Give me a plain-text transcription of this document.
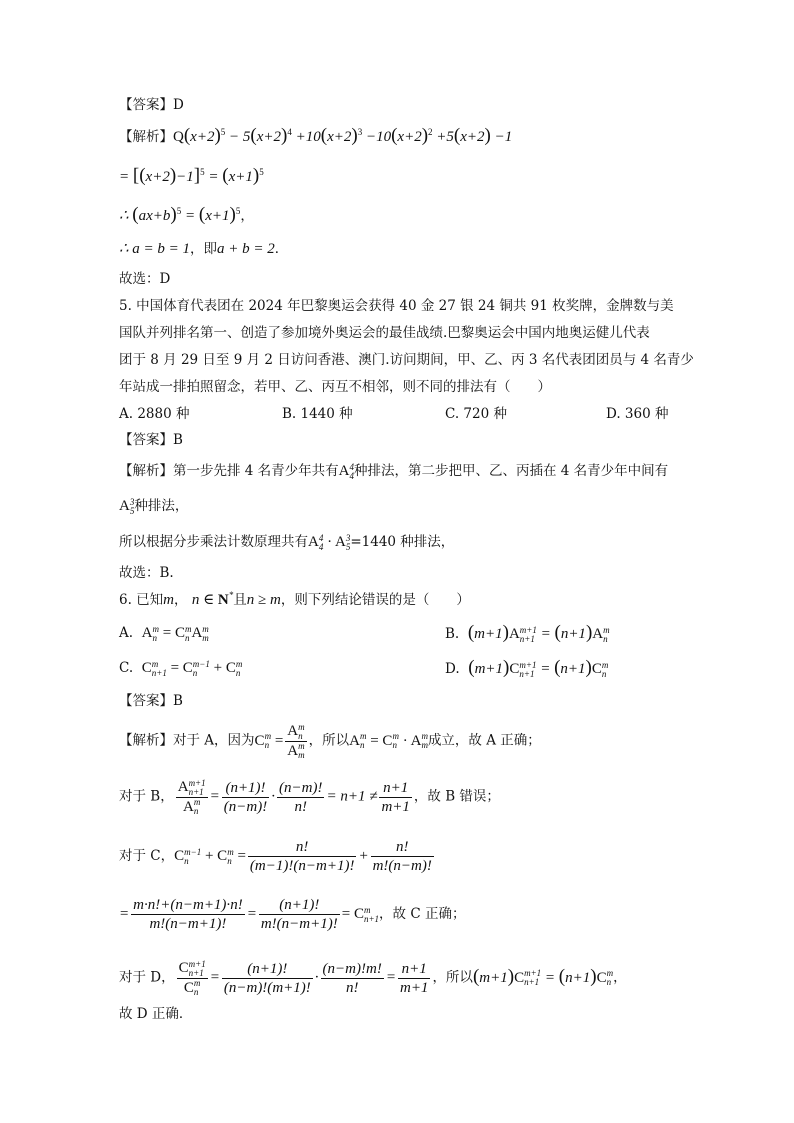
【答案】D
【解析】$Q(x+2)^5 - 5(x+2)^4 +10(x+2)^3 -10(x+2)^2 +5(x+2) -1$
= $[(x+2)-1]^5 = (x+1)^5$
∴ $(ax+b)^5 = (x+1)^5$，
∴ a = b = 1，即a + b = 2．
故选：D
5. 中国体育代表团在 2024 年巴黎奥运会获得 40 金 27 银 24 铜共 91 枚奖牌，金牌数与美
国队并列排名第一、创造了参加境外奥运会的最佳战绩.巴黎奥运会中国内地奥运健儿代表
团于 8 月 29 日至 9 月 2 日访问香港、澳门.访问期间，甲、乙、丙 3 名代表团团员与 4 名青少
年站成一排拍照留念，若甲、乙、丙互不相邻，则不同的排法有（　　）
A. 2880 种	B. 1440 种	C. 720 种	D. 360 种
【答案】B
【解析】第一步先排 4 名青少年共有A 4
4 种排法，第二步把甲、乙、丙插在 4 名青少年中间有
A 3
5 种排法，
所以根据分步乘法计数原理共有A 4
4 · A 3
5 =1440 种排法，
故选：B.
6. 已知m， n ∈ N*且n ≥ m，则下列结论错误的是（　　）
A. A m
n = C m
n A m
m	B. (m+1)A m+1
n+1 = (n+1)A m
n
C. C m
n+1 = C m−1
n + C m
n	D. (m+1)C m+1
n+1 = (n+1)C m
n
【答案】B
【解析】对于 A，因为C m
n = A m
n
A m
m ，所以A m
n = C m
n · A m
m 成立，故 A 正确；
对于 B， A m+1
n+1
A m
$n = \frac{(n+1)!}{(n-m)!} \cdot \frac{(n-m)!}{n!} = n+1 \ne \frac{n+1}{m+1}$ ，故 B 错误；
对于 C，C m−1
n + C m
$n = \frac{n!}{(m-1)!(n-m+1)!} + \frac{n!}{m!(n-m)!}$
= $\frac{m\cdot n!+(n-m+1)\cdot n!}{m!(n-m+1)!} = \frac{(n+1)!}{m!(n-m+1)!} = C$ m
n+1 ，故 C 正确；
对于 D， C m+1
n+1
C m
$n = \frac{(n+1)!}{(n-m)!(m+1)!} \cdot \frac{(n-m)!m!}{n!} = \frac{n+1}{m+1}$ ，所以(m+1)C m+1
n+1 = (n+1)C m
n ，
故 D 正确．
